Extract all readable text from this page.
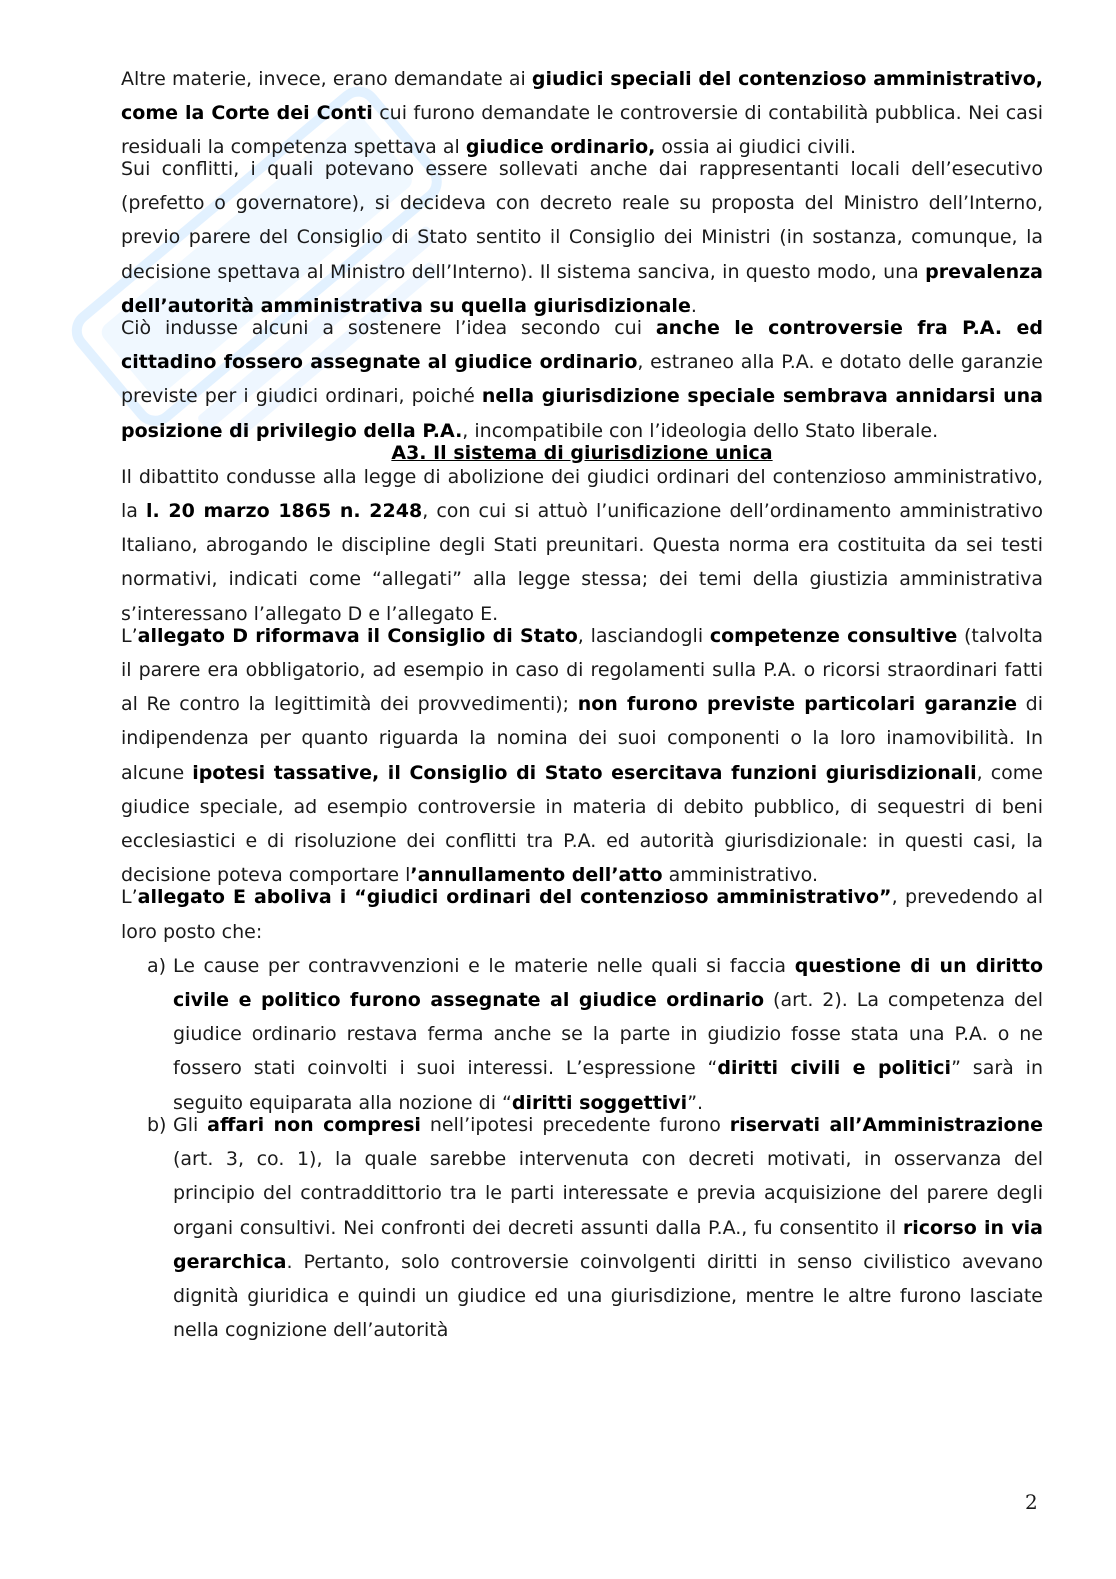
Altre materie, invece, erano demandate ai giudici speciali del contenzioso amministrativo, come la Corte dei Conti cui furono demandate le controversie di contabilità pubblica. Nei casi residuali la competenza spettava al giudice ordinario, ossia ai giudici civili.

Sui conflitti, i quali potevano essere sollevati anche dai rappresentanti locali dell’esecutivo (prefetto o governatore), si decideva con decreto reale su proposta del Ministro dell’Interno, previo parere del Consiglio di Stato sentito il Consiglio dei Ministri (in sostanza, comunque, la decisione spettava al Ministro dell’Interno). Il sistema sanciva, in questo modo, una prevalenza dell’autorità amministrativa su quella giurisdizionale.

Ciò indusse alcuni a sostenere l’idea secondo cui anche le controversie fra P.A. ed cittadino fossero assegnate al giudice ordinario, estraneo alla P.A. e dotato delle garanzie previste per i giudici ordinari, poiché nella giurisdizione speciale sembrava annidarsi una posizione di privilegio della P.A., incompatibile con l’ideologia dello Stato liberale.

A3. Il sistema di giurisdizione unica

Il dibattito condusse alla legge di abolizione dei giudici ordinari del contenzioso amministrativo, la l. 20 marzo 1865 n. 2248, con cui si attuò l’unificazione dell’ordinamento amministrativo Italiano, abrogando le discipline degli Stati preunitari. Questa norma era costituita da sei testi normativi, indicati come “allegati” alla legge stessa; dei temi della giustizia amministrativa s’interessano l’allegato D e l’allegato E.

L’allegato D riformava il Consiglio di Stato, lasciandogli competenze consultive (talvolta il parere era obbligatorio, ad esempio in caso di regolamenti sulla P.A. o ricorsi straordinari fatti al Re contro la legittimità dei provvedimenti); non furono previste particolari garanzie di indipendenza per quanto riguarda la nomina dei suoi componenti o la loro inamovibilità. In alcune ipotesi tassative, il Consiglio di Stato esercitava funzioni giurisdizionali, come giudice speciale, ad esempio controversie in materia di debito pubblico, di sequestri di beni ecclesiastici e di risoluzione dei conflitti tra P.A. ed autorità giurisdizionale: in questi casi, la decisione poteva comportare l’annullamento dell’atto amministrativo.

L’allegato E aboliva i “giudici ordinari del contenzioso amministrativo”, prevedendo al loro posto che:

a) Le cause per contravvenzioni e le materie nelle quali si faccia questione di un diritto civile e politico furono assegnate al giudice ordinario (art. 2). La competenza del giudice ordinario restava ferma anche se la parte in giudizio fosse stata una P.A. o ne fossero stati coinvolti i suoi interessi. L’espressione “diritti civili e politici” sarà in seguito equiparata alla nozione di “diritti soggettivi”.

b) Gli affari non compresi nell’ipotesi precedente furono riservati all’Amministrazione (art. 3, co. 1), la quale sarebbe intervenuta con decreti motivati, in osservanza del principio del contraddittorio tra le parti interessate e previa acquisizione del parere degli organi consultivi. Nei confronti dei decreti assunti dalla P.A., fu consentito il ricorso in via gerarchica. Pertanto, solo controversie coinvolgenti diritti in senso civilistico avevano dignità giuridica e quindi un giudice ed una giurisdizione, mentre le altre furono lasciate nella cognizione dell’autorità

2
